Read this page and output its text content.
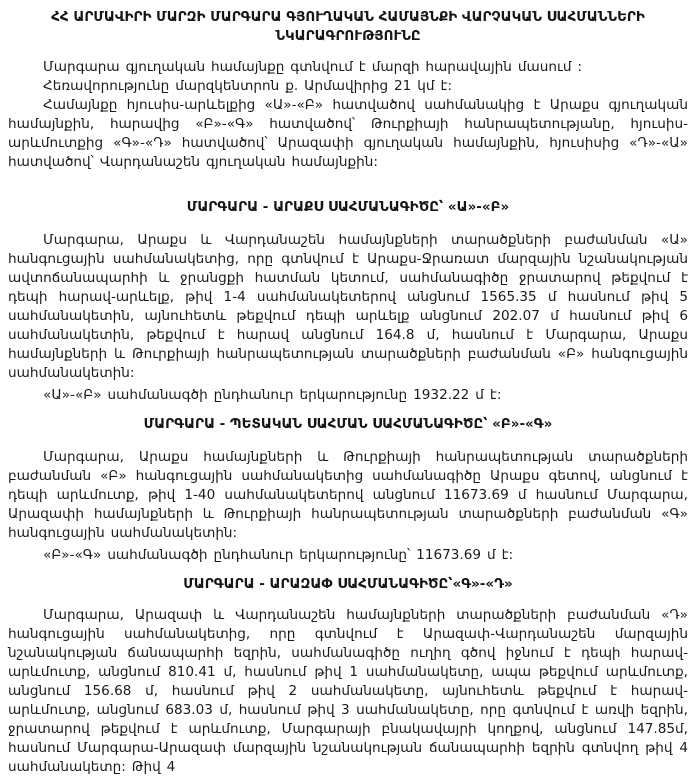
ՀՀ ԱՐՄԱՎԻՐԻ ՄԱՐԶԻ ՄԱՐԳԱՐԱ ԳՅՈՒՂԱԿԱՆ ՀԱՄԱՅՆՔԻ ՎԱՐՉԱԿԱՆ ՍԱՀՄԱՆՆԵՐԻ ՆԿԱՐԱԳՐՈՒԹՅՈՒՆԸ

Մարգարա գյուղական համայնքը գտնվում է մարզի հարավային մասում :

Հեռավորությունը մարզկենտրոն ք. Արմավիրից 21 կմ է:

Համայնքը հյուսիս-արևելքից «Ա»-«Բ» հատվածով սահմանակից է Արաքս գյուղական համայնքին, հարավից «Բ»-«Գ» հատվածով՝ Թուրքիայի հանրապետությանը, հյուսիս-արևմուտքից «Գ»-«Դ» հատվածով՝ Արազափի գյուղական համայնքին, հյուսիսից «Դ»-«Ա» հատվածով՝ Վարդանաշեն գյուղական համայնքին:

ՄԱՐԳԱՐԱ - ԱՐԱՔՍ ՍԱՀՄԱՆԱԳԻԾԸ՝ «Ա»-«Բ»

Մարգարա, Արաքս և Վարդանաշեն համայնքների տարածքների բաժանման «Ա» հանգուցային սահմանակետից, որը գտնվում է Արաքս-Ջրառատ մարզային նշանակության ավտոճանապարհի և ջրանցքի հատման կետում, սահմանագիծը ջրատարով թեքվում է դեպի հարավ-արևելք, թիվ 1-4 սահմանակետերով անցնում 1565.35 մ հասնում թիվ 5 սահմանակետին, այնուհետև թեքվում դեպի արևելք անցնում 202.07 մ հասնում թիվ 6 սահմանակետին, թեքվում է հարավ անցնում 164.8 մ, հասնում է Մարգարա, Արաքս համայնքների և Թուրքիայի հանրապետության տարածքների բաժանման «Բ» հանգուցային սահմանակետին:

«Ա»-«Բ» սահմանագծի ընդհանուր երկարությունը 1932.22 մ է:

ՄԱՐԳԱՐԱ - ՊԵՏԱԿԱՆ ՍԱՀՄԱՆ ՍԱՀՄԱՆԱԳԻԾԸ՝ «Բ»-«Գ»

Մարգարա, Արաքս համայնքների և Թուրքիայի հանրապետության տարածքների բաժանման «Բ» հանգուցային սահմանակետից սահմանագիծը Արաքս գետով, անցնում է դեպի արևմուտք, թիվ 1-40 սահմանակետերով անցնում 11673.69 մ հասնում Մարգարա, Արազափի համայնքների և Թուրքիայի հանրապետության տարածքների բաժանման «Գ» հանգուցային սահմանակետին:

«Բ»-«Գ» սահմանագծի ընդհանուր երկարությունը՝ 11673.69 մ է:

ՄԱՐԳԱՐԱ - ԱՐԱԶԱՓ ՍԱՀՄԱՆԱԳԻԾԸ՝«Գ»-«Դ»

Մարգարա, Արազափ և Վարդանաշեն համայնքների տարածքների բաժանման «Դ» հանգուցային սահմանակետից, որը գտնվում է Արազափ-Վարդանաշեն մարզային նշանակության ճանապարհի եզրին, սահմանագիծը ուղիղ գծով իջնում է դեպի հարավ-արևմուտք, անցնում 810.41 մ, հասնում թիվ 1 սահմանակետը, ապա թեքվում արևմուտք, անցնում 156.68 մ, հասնում թիվ 2 սահմանակետը, այնուհետև թեքվում է հարավ-արևմուտք, անցնում 683.03 մ, հասնում թիվ 3 սահմանակետը, որը գտնվում է առվի եզրին, ջրատարով թեքվում է արևմուտք, Մարգարայի բնակավայրի կողքով, անցնում 147.85մ, հասնում Մարգարա-Արազափ մարզային նշանակության ճանապարհի եզրին գտնվող թիվ 4 սահմանակետը: Թիվ 4
